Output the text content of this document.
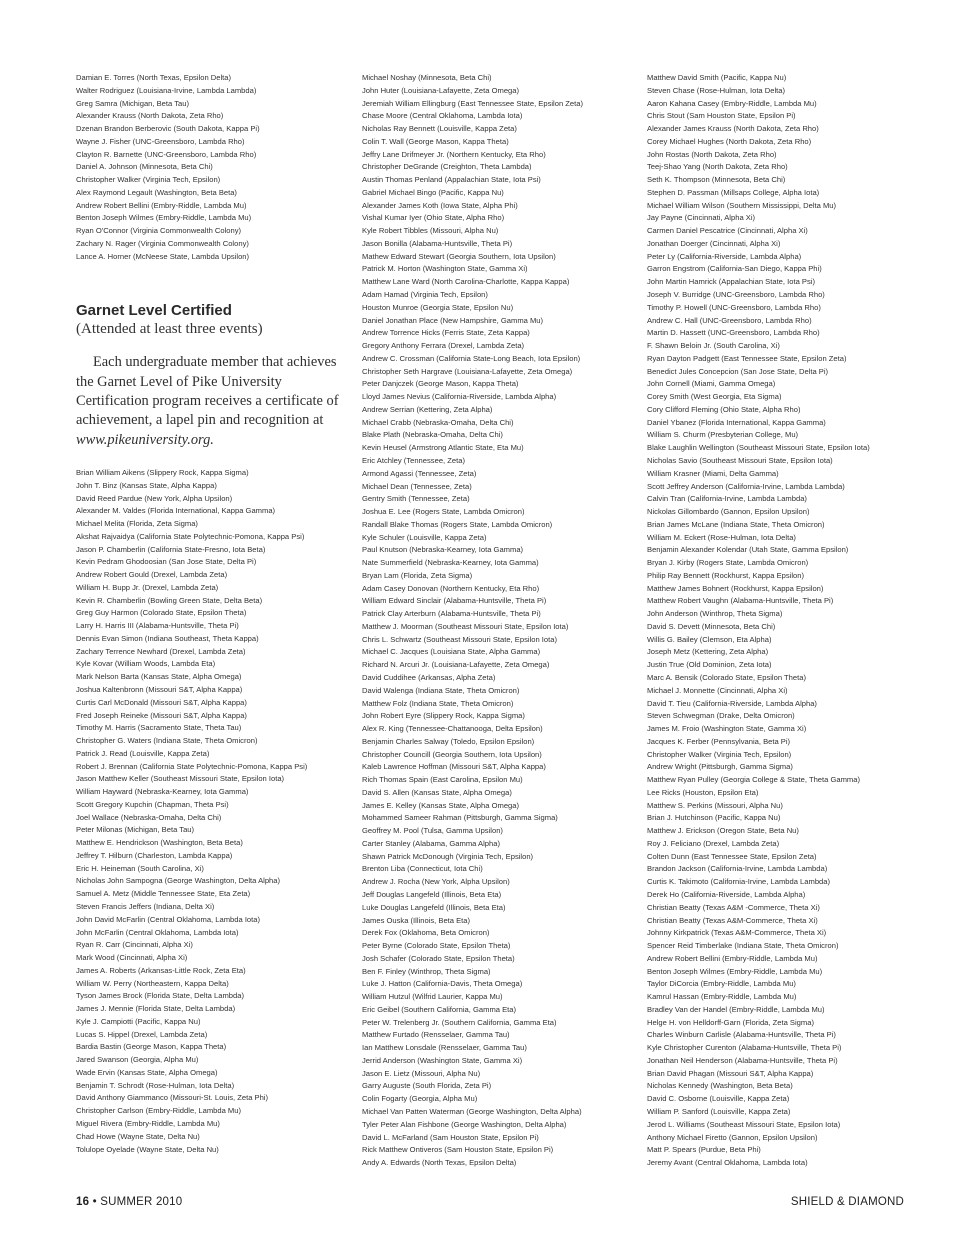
Damian E. Torres (North Texas, Epsilon Delta)
Walter Rodriguez (Louisiana-Irvine, Lambda Lambda)
Greg Samra (Michigan, Beta Tau)
Alexander Krauss (North Dakota, Zeta Rho)
Dzenan Brandon Berberovic (South Dakota, Kappa Pi)
Wayne J. Fisher (UNC-Greensboro, Lambda Rho)
Clayton R. Barnette (UNC-Greensboro, Lambda Rho)
Daniel A. Johnson (Minnesota, Beta Chi)
Christopher Walker (Virginia Tech, Epsilon)
Alex Raymond Legault (Washington, Beta Beta)
Andrew Robert Bellini (Embry-Riddle, Lambda Mu)
Benton Joseph Wilmes (Embry-Riddle, Lambda Mu)
Ryan O'Connor (Virginia Commonwealth Colony)
Zachary N. Rager (Virginia Commonwealth Colony)
Lance A. Horner (McNeese State, Lambda Upsilon)
Garnet Level Certified

(Attended at least three events)

Each undergraduate member that achieves the Garnet Level of Pike University Certification program receives a certificate of achievement, a lapel pin and recognition at www.pikeuniversity.org.

Brian William Aikens (Slippery Rock, Kappa Sigma)
John T. Binz (Kansas State, Alpha Kappa)
David Reed Pardue (New York, Alpha Upsilon)
Alexander M. Valdes (Florida International, Kappa Gamma)
Michael Melita (Florida, Zeta Sigma)
Akshat Rajvaidya (California State Polytechnic-Pomona, Kappa Psi)
Jason P. Chamberlin (California State-Fresno, Iota Beta)
Kevin Pedram Ghodoosian (San Jose State, Delta Pi)
Andrew Robert Gould (Drexel, Lambda Zeta)
William H. Bupp Jr. (Drexel, Lambda Zeta)
Kevin R. Chamberlin (Bowling Green State, Delta Beta)
Greg Guy Harmon (Colorado State, Epsilon Theta)
Larry H. Harris III (Alabama-Huntsville, Theta Pi)
Dennis Evan Simon (Indiana Southeast, Theta Kappa)
Zachary Terrence Newhard (Drexel, Lambda Zeta)
Kyle Kovar (William Woods, Lambda Eta)
Mark Nelson Barta (Kansas State, Alpha Omega)
Joshua Kaltenbronn (Missouri S&T, Alpha Kappa)
Curtis Carl McDonald (Missouri S&T, Alpha Kappa)
Fred Joseph Reineke (Missouri S&T, Alpha Kappa)
Timothy M. Harris (Sacramento State, Theta Tau)
Christopher G. Waters (Indiana State, Theta Omicron)
Patrick J. Read (Louisville, Kappa Zeta)
Robert J. Brennan (California State Polytechnic-Pomona, Kappa Psi)
Jason Matthew Keller (Southeast Missouri State, Epsilon Iota)
William Hayward (Nebraska-Kearney, Iota Gamma)
Scott Gregory Kupchin (Chapman, Theta Psi)
Joel Wallace (Nebraska-Omaha, Delta Chi)
Peter Milonas (Michigan, Beta Tau)
Matthew E. Hendrickson (Washington, Beta Beta)
Jeffrey T. Hilburn (Charleston, Lambda Kappa)
Eric H. Heineman (South Carolina, Xi)
Nicholas John Sampogna (George Washington, Delta Alpha)
Samuel A. Metz (Middle Tennessee State, Eta Zeta)
Steven Francis Jeffers (Indiana, Delta Xi)
John David McFarlin (Central Oklahoma, Lambda Iota)
John McFarlin (Central Oklahoma, Lambda Iota)
Ryan R. Carr (Cincinnati, Alpha Xi)
Mark Wood (Cincinnati, Alpha Xi)
James A. Roberts (Arkansas-Little Rock, Zeta Eta)
William W. Perry (Northeastern, Kappa Delta)
Tyson James Brock (Florida State, Delta Lambda)
James J. Mennie (Florida State, Delta Lambda)
Kyle J. Campiotti (Pacific, Kappa Nu)
Lucas S. Hippel (Drexel, Lambda Zeta)
Bardia Bastin (George Mason, Kappa Theta)
Jared Swanson (Georgia, Alpha Mu)
Wade Ervin (Kansas State, Alpha Omega)
Benjamin T. Schrodt (Rose-Hulman, Iota Delta)
David Anthony Giammanco (Missouri-St. Louis, Zeta Phi)
Christopher Carlson (Embry-Riddle, Lambda Mu)
Miguel Rivera (Embry-Riddle, Lambda Mu)
Chad Howe (Wayne State, Delta Nu)
Tolulope Oyelade (Wayne State, Delta Nu)
Michael Noshay (Minnesota, Beta Chi)
John Huter (Louisiana-Lafayette, Zeta Omega)
Jeremiah William Ellingburg (East Tennessee State, Epsilon Zeta)
Chase Moore (Central Oklahoma, Lambda Iota)
Nicholas Ray Bennett (Louisville, Kappa Zeta)
Colin T. Wall (George Mason, Kappa Theta)
Jeffry Lane Drifmeyer Jr. (Northern Kentucky, Eta Rho)
Christopher DeGrande (Creighton, Theta Lambda)
Austin Thomas Penland (Appalachian State, Iota Psi)
Gabriel Michael Bingo (Pacific, Kappa Nu)
Alexander James Koth (Iowa State, Alpha Phi)
Vishal Kumar Iyer (Ohio State, Alpha Rho)
Kyle Robert Tibbles (Missouri, Alpha Nu)
Jason Bonilla (Alabama-Huntsville, Theta Pi)
Mathew Edward Stewart (Georgia Southern, Iota Upsilon)
Patrick M. Horton (Washington State, Gamma Xi)
Matthew Lane Ward (North Carolina-Charlotte, Kappa Kappa)
Adam Hamad (Virginia Tech, Epsilon)
Houston Munroe (Georgia State, Epsilon Nu)
Daniel Jonathan Place (New Hampshire, Gamma Mu)
Andrew Torrence Hicks (Ferris State, Zeta Kappa)
Gregory Anthony Ferrara (Drexel, Lambda Zeta)
Andrew C. Crossman (California State-Long Beach, Iota Epsilon)
Christopher Seth Hargrave (Louisiana-Lafayette, Zeta Omega)
Peter Danjczek (George Mason, Kappa Theta)
Lloyd James Nevius (California-Riverside, Lambda Alpha)
Andrew Serrian (Kettering, Zeta Alpha)
Michael Crabb (Nebraska-Omaha, Delta Chi)
Blake Plath (Nebraska-Omaha, Delta Chi)
Kevin Heusel (Armstrong Atlantic State, Eta Mu)
Eric Atchley (Tennessee, Zeta)
Armond Agassi (Tennessee, Zeta)
Michael Dean (Tennessee, Zeta)
Gentry Smith (Tennessee, Zeta)
Joshua E. Lee (Rogers State, Lambda Omicron)
Randall Blake Thomas (Rogers State, Lambda Omicron)
Kyle Schuler (Louisville, Kappa Zeta)
Paul Knutson (Nebraska-Kearney, Iota Gamma)
Nate Summerfield (Nebraska-Kearney, Iota Gamma)
Bryan Lam (Florida, Zeta Sigma)
Adam Casey Donovan (Northern Kentucky, Eta Rho)
William Edward Sinclair (Alabama-Huntsville, Theta Pi)
Patrick Clay Arterburn (Alabama-Huntsville, Theta Pi)
Matthew J. Moorman (Southeast Missouri State, Epsilon Iota)
Chris L. Schwartz (Southeast Missouri State, Epsilon Iota)
Michael C. Jacques (Louisiana State, Alpha Gamma)
Richard N. Arcuri Jr. (Louisiana-Lafayette, Zeta Omega)
David Cuddihee (Arkansas, Alpha Zeta)
David Walenga (Indiana State, Theta Omicron)
Matthew Folz (Indiana State, Theta Omicron)
John Robert Eyre (Slippery Rock, Kappa Sigma)
Alex R. King (Tennessee-Chattanooga, Delta Epsilon)
Benjamin Charles Salway (Toledo, Epsilon Epsilon)
Christopher Councill (Georgia Southern, Iota Upsilon)
Kaleb Lawrence Hoffman (Missouri S&T, Alpha Kappa)
Rich Thomas Spain (East Carolina, Epsilon Mu)
David S. Allen (Kansas State, Alpha Omega)
James E. Kelley (Kansas State, Alpha Omega)
Mohammed Sameer Rahman (Pittsburgh, Gamma Sigma)
Geoffrey M. Pool (Tulsa, Gamma Upsilon)
Carter Stanley (Alabama, Gamma Alpha)
Shawn Patrick McDonough (Virginia Tech, Epsilon)
Brenton Liba (Connecticut, Iota Chi)
Andrew J. Rocha (New York, Alpha Upsilon)
Jeff Douglas Langefeld (Illinois, Beta Eta)
Luke Douglas Langefeld (Illinois, Beta Eta)
James Ouska (Illinois, Beta Eta)
Derek Fox (Oklahoma, Beta Omicron)
Peter Byrne (Colorado State, Epsilon Theta)
Josh Schafer (Colorado State, Epsilon Theta)
Ben F. Finley (Winthrop, Theta Sigma)
Luke J. Hatton (California-Davis, Theta Omega)
William Hutzul (Wilfrid Laurier, Kappa Mu)
Eric Geibel (Southern California, Gamma Eta)
Peter W. Trelenberg Jr. (Southern California, Gamma Eta)
Matthew Furtado (Rensselaer, Gamma Tau)
Ian Matthew Lonsdale (Rensselaer, Gamma Tau)
Jerrid Anderson (Washington State, Gamma Xi)
Jason E. Lietz (Missouri, Alpha Nu)
Garry Auguste (South Florida, Zeta Pi)
Colin Fogarty (Georgia, Alpha Mu)
Michael Van Patten Waterman (George Washington, Delta Alpha)
Tyler Peter Alan Fishbone (George Washington, Delta Alpha)
David L. McFarland (Sam Houston State, Epsilon Pi)
Rick Matthew Ontiveros (Sam Houston State, Epsilon Pi)
Andy A. Edwards (North Texas, Epsilon Delta)
Matthew David Smith (Pacific, Kappa Nu)
Steven Chase (Rose-Hulman, Iota Delta)
Aaron Kahana Casey (Embry-Riddle, Lambda Mu)
Chris Stout (Sam Houston State, Epsilon Pi)
Alexander James Krauss (North Dakota, Zeta Rho)
Corey Michael Hughes (North Dakota, Zeta Rho)
John Rostas (North Dakota, Zeta Rho)
Teej-Shao Yang (North Dakota, Zeta Rho)
Seth K. Thompson (Minnesota, Beta Chi)
Stephen D. Passman (Millsaps College, Alpha Iota)
Michael William Wilson (Southern Mississippi, Delta Mu)
Jay Payne (Cincinnati, Alpha Xi)
Carmen Daniel Pescatrice (Cincinnati, Alpha Xi)
Jonathan Doerger (Cincinnati, Alpha Xi)
Peter Ly (California-Riverside, Lambda Alpha)
Garron Engstrom (California-San Diego, Kappa Phi)
John Martin Hamrick (Appalachian State, Iota Psi)
Joseph V. Burridge (UNC-Greensboro, Lambda Rho)
Timothy P. Howell (UNC-Greensboro, Lambda Rho)
Andrew C. Hall (UNC-Greensboro, Lambda Rho)
Martin D. Hassett (UNC-Greensboro, Lambda Rho)
F. Shawn Beloin Jr. (South Carolina, Xi)
Ryan Dayton Padgett (East Tennessee State, Epsilon Zeta)
Benedict Jules Concepcion (San Jose State, Delta Pi)
John Cornell (Miami, Gamma Omega)
Corey Smith (West Georgia, Eta Sigma)
Cory Clifford Fleming (Ohio State, Alpha Rho)
Daniel Ybanez (Florida International, Kappa Gamma)
William S. Churm (Presbyterian College, Mu)
Blake Laughlin Wellington (Southeast Missouri State, Epsilon Iota)
Nicholas Savio (Southeast Missouri State, Epsilon Iota)
William Krasner (Miami, Delta Gamma)
Scott Jeffrey Anderson (California-Irvine, Lambda Lambda)
Calvin Tran (California-Irvine, Lambda Lambda)
Nickolas Gillombardo (Gannon, Epsilon Upsilon)
Brian James McLane (Indiana State, Theta Omicron)
William M. Eckert (Rose-Hulman, Iota Delta)
Benjamin Alexander Kolendar (Utah State, Gamma Epsilon)
Bryan J. Kirby (Rogers State, Lambda Omicron)
Philip Ray Bennett (Rockhurst, Kappa Epsilon)
Matthew James Bohnert (Rockhurst, Kappa Epsilon)
Matthew Robert Vaughn (Alabama-Huntsville, Theta Pi)
John Anderson (Winthrop, Theta Sigma)
David S. Devett (Minnesota, Beta Chi)
Willis G. Bailey (Clemson, Eta Alpha)
Joseph Metz (Kettering, Zeta Alpha)
Justin True (Old Dominion, Zeta Iota)
Marc A. Bensik (Colorado State, Epsilon Theta)
Michael J. Monnette (Cincinnati, Alpha Xi)
David T. Tieu (California-Riverside, Lambda Alpha)
Steven Schwegman (Drake, Delta Omicron)
James M. Froio (Washington State, Gamma Xi)
Jacques K. Ferber (Pennsylvania, Beta Pi)
Christopher Walker (Virginia Tech, Epsilon)
Andrew Wright (Pittsburgh, Gamma Sigma)
Matthew Ryan Pulley (Georgia College & State, Theta Gamma)
Lee Ricks (Houston, Epsilon Eta)
Matthew S. Perkins (Missouri, Alpha Nu)
Brian J. Hutchinson (Pacific, Kappa Nu)
Matthew J. Erickson (Oregon State, Beta Nu)
Roy J. Feliciano (Drexel, Lambda Zeta)
Colten Dunn (East Tennessee State, Epsilon Zeta)
Brandon Jackson (California-Irvine, Lambda Lambda)
Curtis K. Takimoto (California-Irvine, Lambda Lambda)
Derek Ho (California-Riverside, Lambda Alpha)
Christian Beatty (Texas A&M -Commerce, Theta Xi)
Christian Beatty (Texas A&M-Commerce, Theta Xi)
Johnny Kirkpatrick (Texas A&M-Commerce, Theta Xi)
Spencer Reid Timberlake (Indiana State, Theta Omicron)
Andrew Robert Bellini (Embry-Riddle, Lambda Mu)
Benton Joseph Wilmes (Embry-Riddle, Lambda Mu)
Taylor DiCorcia (Embry-Riddle, Lambda Mu)
Kamrul Hassan (Embry-Riddle, Lambda Mu)
Bradley Van der Handel (Embry-Riddle, Lambda Mu)
Helge H. von Helldorff-Garn (Florida, Zeta Sigma)
Charles Winburn Carlisle (Alabama-Huntsville, Theta Pi)
Kyle Christopher Curenton (Alabama-Huntsville, Theta Pi)
Jonathan Neil Henderson (Alabama-Huntsville, Theta Pi)
Brian David Phagan (Missouri S&T, Alpha Kappa)
Nicholas Kennedy (Washington, Beta Beta)
David C. Osborne (Louisville, Kappa Zeta)
William P. Sanford (Louisville, Kappa Zeta)
Jerod L. Williams (Southeast Missouri State, Epsilon Iota)
Anthony Michael Firetto (Gannon, Epsilon Upsilon)
Matt P. Spears (Purdue, Beta Phi)
Jeremy Avant (Central Oklahoma, Lambda Iota)
16 • SUMMER 2010	SHIELD & DIAMOND
